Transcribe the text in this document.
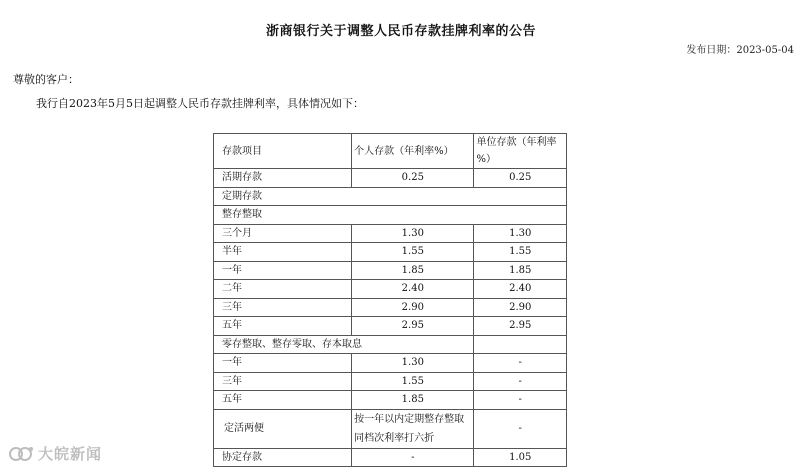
浙商银行关于调整人民币存款挂牌利率的公告
发布日期：2023-05-04
尊敬的客户：
我行自2023年5月5日起调整人民币存款挂牌利率，具体情况如下：
存款项目	个人存款（年利率%）	单位存款（年利率 %）
活期存款	0.25	0.25
定期存款		
整存整取		
三个月	1.30	1.30
半年	1.55	1.55
一年	1.85	1.85
二年	2.40	2.40
三年	2.90	2.90
五年	2.95	2.95
零存整取、整存零取、存本取息		
一年	1.30	-
三年	1.55	-
五年	1.85	-
定活两便	按一年以内定期整存整取同档次利率打六折	-
协定存款	-	1.05
大皖新闻
